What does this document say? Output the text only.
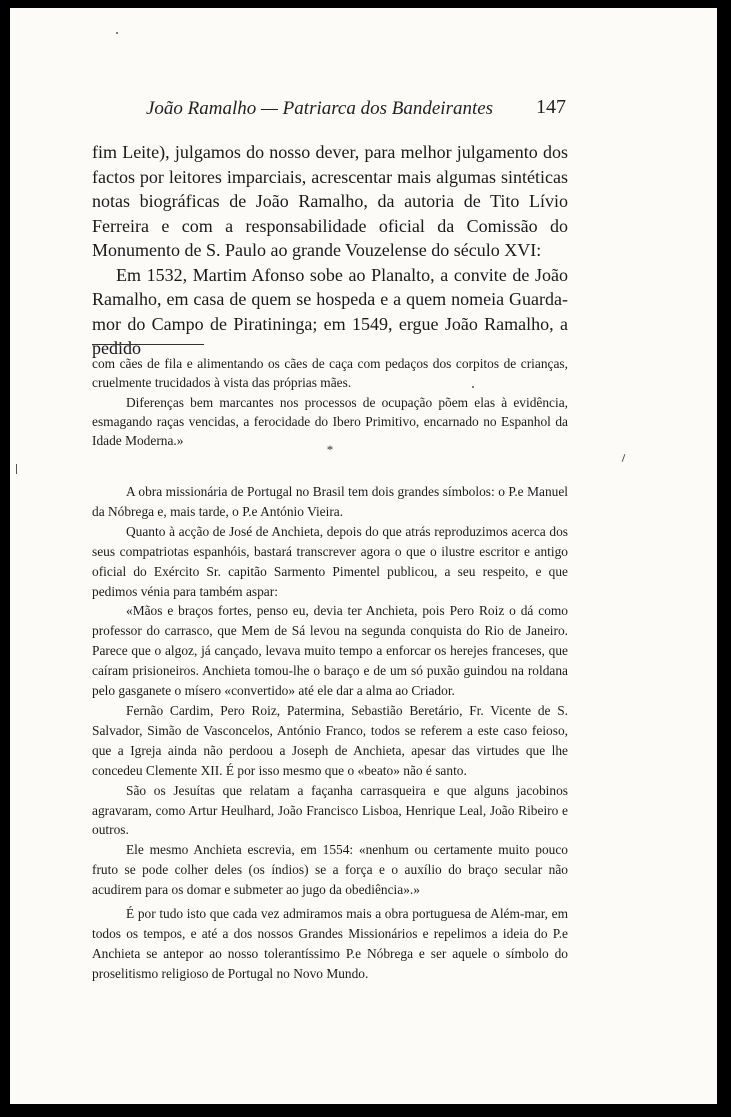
João Ramalho — Patriarca dos Bandeirantes 147

fim Leite), julgamos do nosso dever, para melhor julgamento dos factos por leitores imparciais, acrescentar mais algumas sintéticas notas biográficas de João Ramalho, da autoria de Tito Lívio Ferreira e com a responsabilidade oficial da Comissão do Monumento de S. Paulo ao grande Vouzelense do século XVI:

Em 1532, Martim Afonso sobe ao Planalto, a convite de João Ramalho, em casa de quem se hospeda e a quem nomeia Guarda-mor do Campo de Piratininga; em 1549, ergue João Ramalho, a pedido

com cães de fila e alimentando os cães de caça com pedaços dos corpitos de crianças, cruelmente trucidados à vista das próprias mães.

Diferenças bem marcantes nos processos de ocupação põem elas à evidência, esmagando raças vencidas, a ferocidade do Ibero Primitivo, encarnado no Espanhol da Idade Moderna.»

*

A obra missionária de Portugal no Brasil tem dois grandes símbolos: o P.e Manuel da Nóbrega e, mais tarde, o P.e António Vieira.

Quanto à acção de José de Anchieta, depois do que atrás reproduzimos acerca dos seus compatriotas espanhóis, bastará transcrever agora o que o ilustre escritor e antigo oficial do Exército Sr. capitão Sarmento Pimentel publicou, a seu respeito, e que pedimos vénia para também aspar:

«Mãos e braços fortes, penso eu, devia ter Anchieta, pois Pero Roiz o dá como professor do carrasco, que Mem de Sá levou na segunda conquista do Rio de Janeiro. Parece que o algoz, já cançado, levava muito tempo a enforcar os herejes franceses, que caíram prisioneiros. Anchieta tomou-lhe o baraço e de um só puxão guindou na roldana pelo gasganete o mísero «convertido» até ele dar a alma ao Criador.

Fernão Cardim, Pero Roiz, Patermina, Sebastião Beretário, Fr. Vicente de S. Salvador, Simão de Vasconcelos, António Franco, todos se referem a este caso feioso, que a Igreja ainda não perdoou a Joseph de Anchieta, apesar das virtudes que lhe concedeu Clemente XII. É por isso mesmo que o «beato» não é santo.

São os Jesuítas que relatam a façanha carrasqueira e que alguns jacobinos agravaram, como Artur Heulhard, João Francisco Lisboa, Henrique Leal, João Ribeiro e outros.

Ele mesmo Anchieta escrevia, em 1554: «nenhum ou certamente muito pouco fruto se pode colher deles (os índios) se a força e o auxílio do braço secular não acudirem para os domar e submeter ao jugo da obediência».»

É por tudo isto que cada vez admiramos mais a obra portuguesa de Além-mar, em todos os tempos, e até a dos nossos Grandes Missionários e repelimos a ideia do P.e Anchieta se antepor ao nosso tolerantíssimo P.e Nóbrega e ser aquele o símbolo do proselitismo religioso de Portugal no Novo Mundo.
